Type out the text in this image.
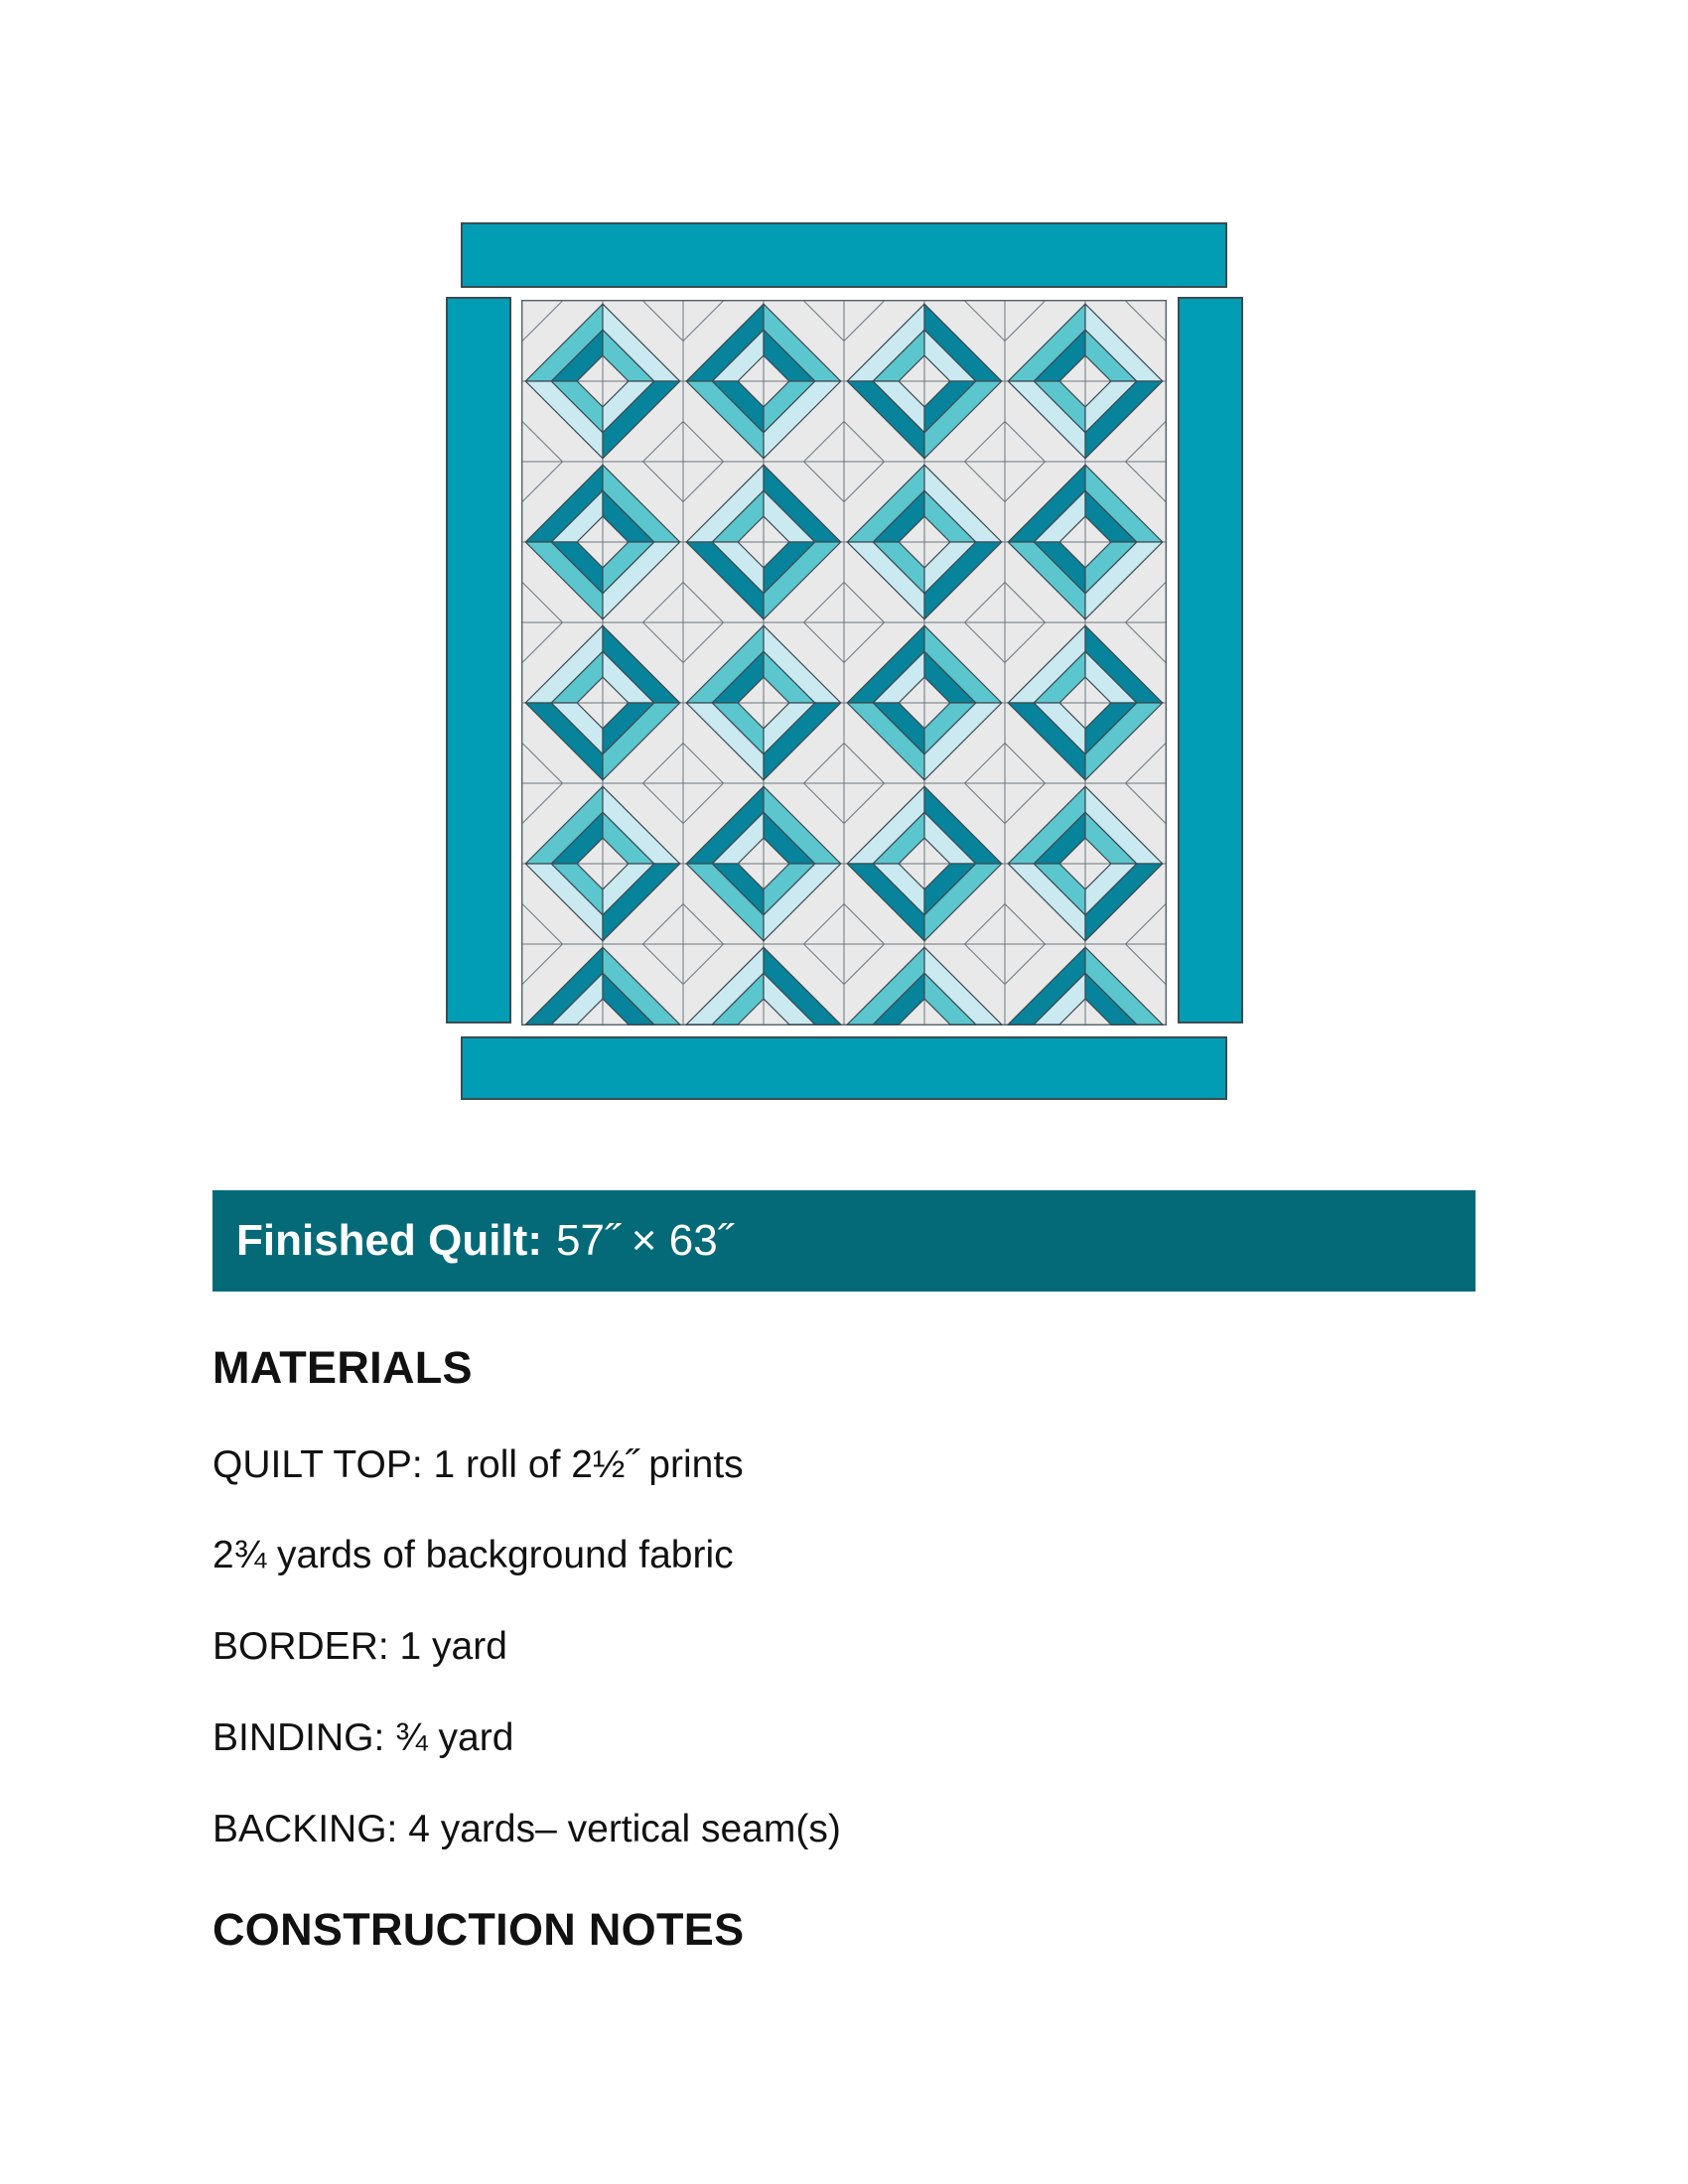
Finished Quilt: 57˝ × 63˝
MATERIALS
QUILT TOP: 1 roll of 2½˝ prints
2¾ yards of background fabric
BORDER: 1 yard
BINDING: ¾ yard
BACKING: 4 yards– vertical seam(s)
CONSTRUCTION NOTES
